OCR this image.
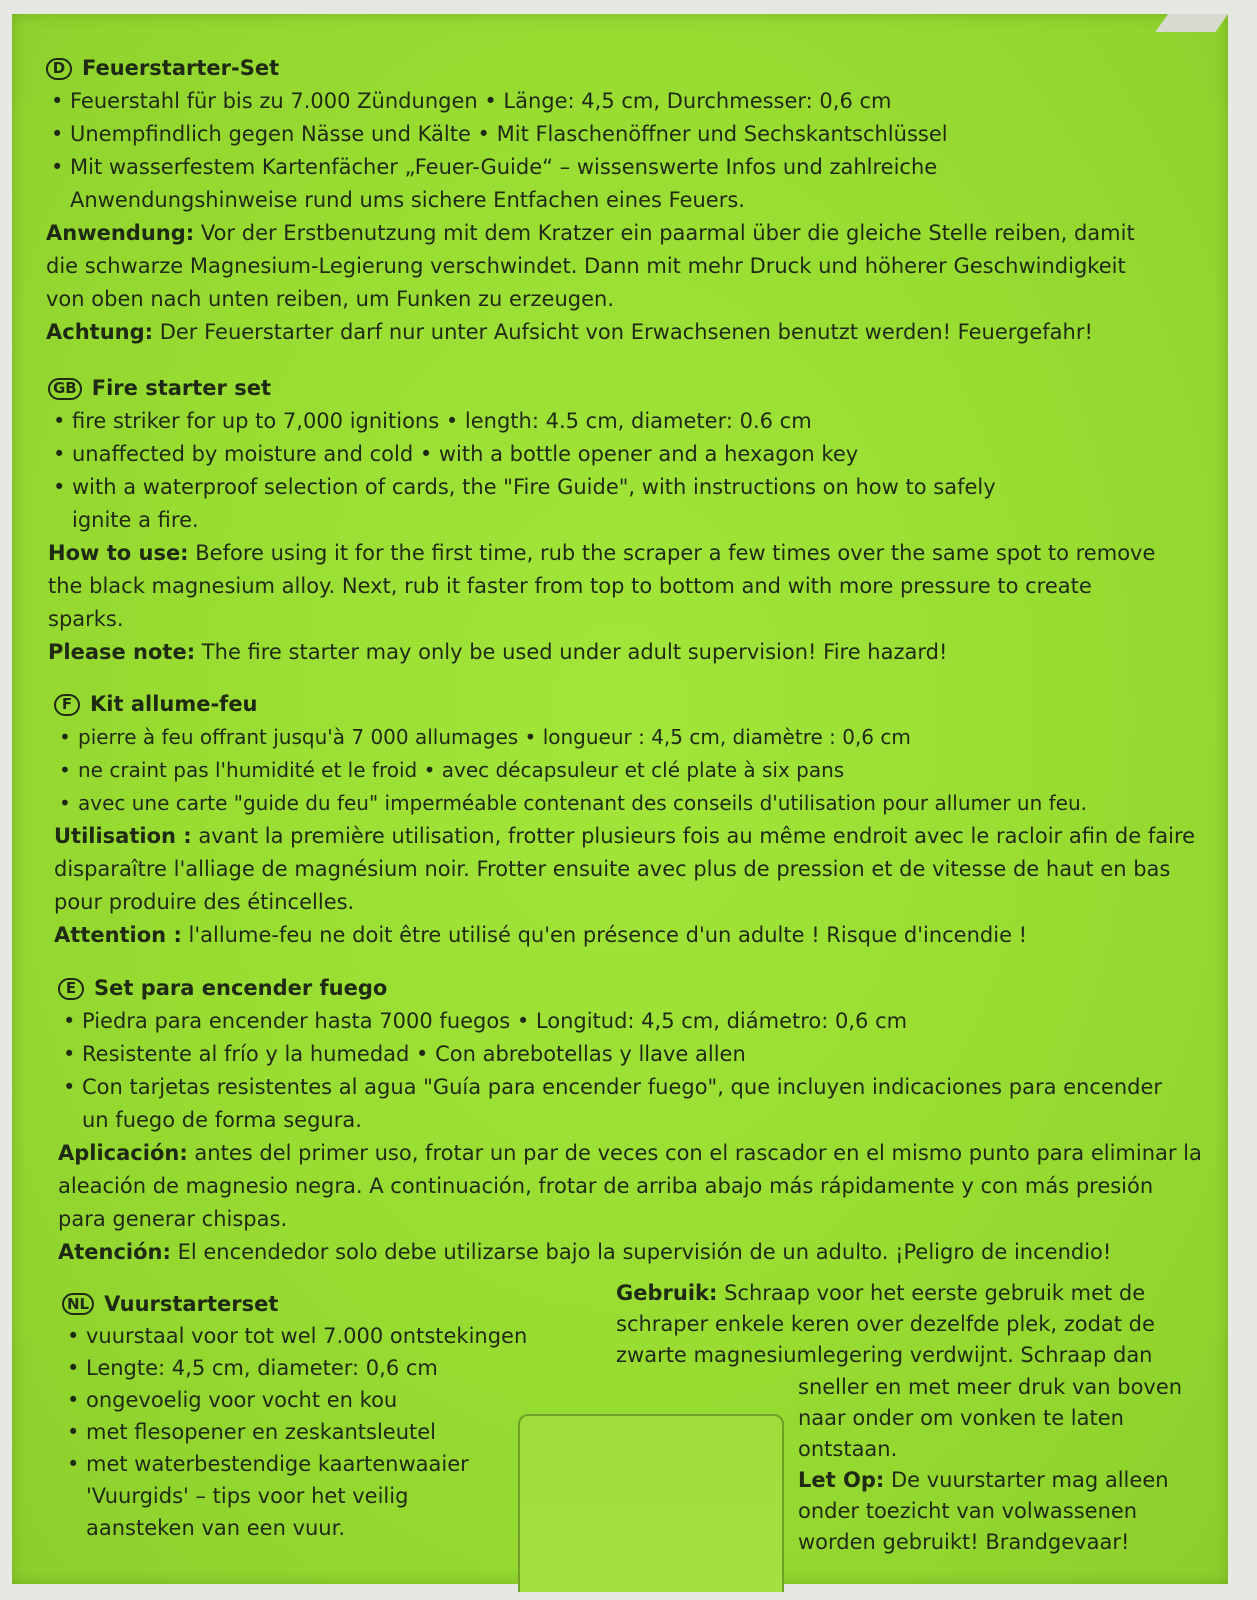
D Feuerstarter-Set
• Feuerstahl für bis zu 7.000 Zündungen • Länge: 4,5 cm, Durchmesser: 0,6 cm
• Unempfindlich gegen Nässe und Kälte • Mit Flaschenöffner und Sechskantschlüssel
• Mit wasserfestem Kartenfächer „Feuer-Guide“ – wissenswerte Infos und zahlreiche Anwendungshinweise rund ums sichere Entfachen eines Feuers.

Anwendung: Vor der Erstbenutzung mit dem Kratzer ein paarmal über die gleiche Stelle reiben, damit die schwarze Magnesium-Legierung verschwindet. Dann mit mehr Druck und höherer Geschwindigkeit von oben nach unten reiben, um Funken zu erzeugen.

Achtung: Der Feuerstarter darf nur unter Aufsicht von Erwachsenen benutzt werden! Feuergefahr!

GB Fire starter set
• fire striker for up to 7,000 ignitions • length: 4.5 cm, diameter: 0.6 cm
• unaffected by moisture and cold • with a bottle opener and a hexagon key
• with a waterproof selection of cards, the "Fire Guide", with instructions on how to safely ignite a fire.

How to use: Before using it for the first time, rub the scraper a few times over the same spot to remove the black magnesium alloy. Next, rub it faster from top to bottom and with more pressure to create sparks.

Please note: The fire starter may only be used under adult supervision! Fire hazard!

F Kit allume-feu
• pierre à feu offrant jusqu'à 7 000 allumages • longueur : 4,5 cm, diamètre : 0,6 cm
• ne craint pas l'humidité et le froid • avec décapsuleur et clé plate à six pans
• avec une carte "guide du feu" imperméable contenant des conseils d'utilisation pour allumer un feu.

Utilisation : avant la première utilisation, frotter plusieurs fois au même endroit avec le racloir afin de faire disparaître l'alliage de magnésium noir. Frotter ensuite avec plus de pression et de vitesse de haut en bas pour produire des étincelles.

Attention : l'allume-feu ne doit être utilisé qu'en présence d'un adulte ! Risque d'incendie !

E Set para encender fuego
• Piedra para encender hasta 7000 fuegos • Longitud: 4,5 cm, diámetro: 0,6 cm
• Resistente al frío y la humedad • Con abrebotellas y llave allen
• Con tarjetas resistentes al agua "Guía para encender fuego", que incluyen indicaciones para encender un fuego de forma segura.

Aplicación: antes del primer uso, frotar un par de veces con el rascador en el mismo punto para eliminar la aleación de magnesio negra. A continuación, frotar de arriba abajo más rápidamente y con más presión para generar chispas.

Atención: El encendedor solo debe utilizarse bajo la supervisión de un adulto. ¡Peligro de incendio!

NL Vuurstarterset
• vuurstaal voor tot wel 7.000 ontstekingen
• Lengte: 4,5 cm, diameter: 0,6 cm
• ongevoelig voor vocht en kou
• met flesopener en zeskantsleutel
• met waterbestendige kaartenwaaier 'Vuurgids' – tips voor het veilig aansteken van een vuur.
Gebruik: Schraap voor het eerste gebruik met de schraper enkele keren over dezelfde plek, zodat de zwarte magnesiumlegering verdwijnt. Schraap dan

sneller en met meer druk van boven naar onder om vonken te laten ontstaan.

Let Op: De vuurstarter mag alleen onder toezicht van volwassenen worden gebruikt! Brandgevaar!
